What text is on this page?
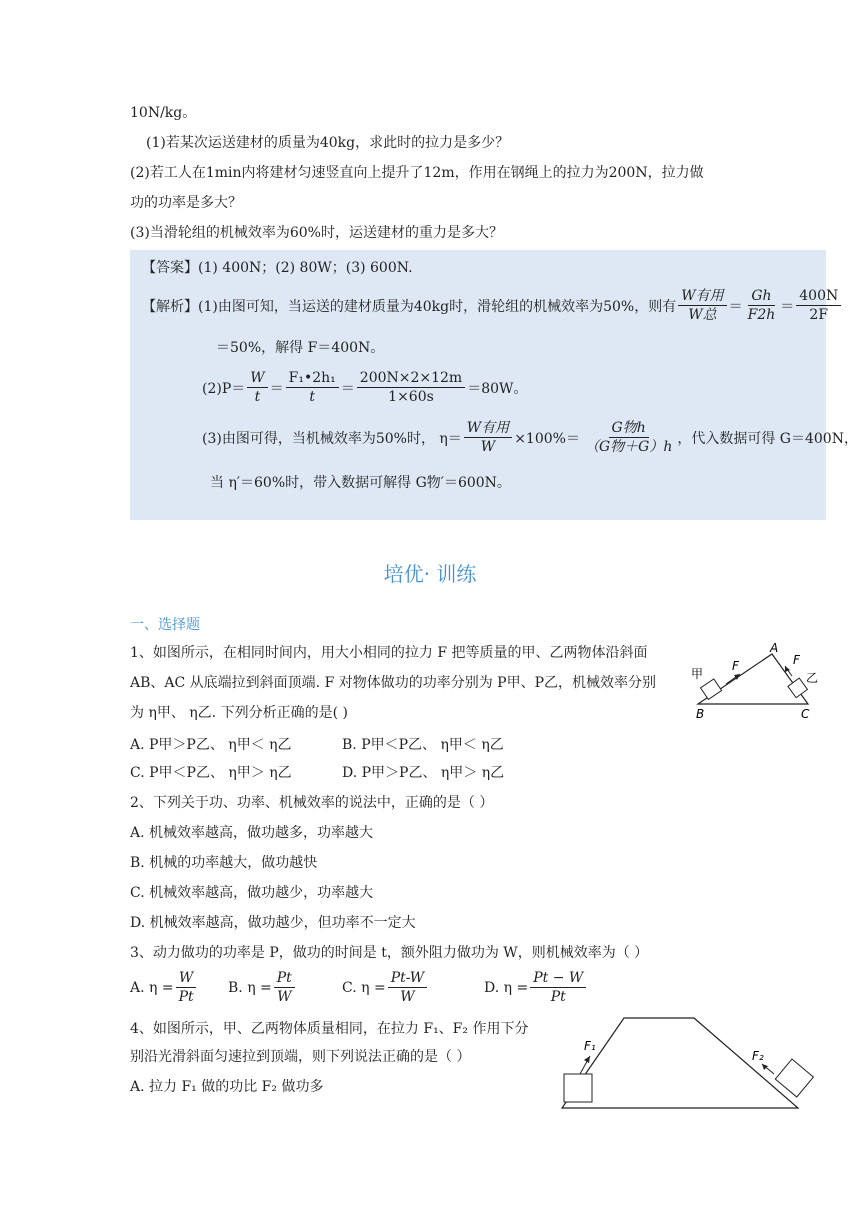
10N/kg。
(1)若某次运送建材的质量为40kg，求此时的拉力是多少？
(2)若工人在1min内将建材匀速竖直向上提升了12m，作用在钢绳上的拉力为200N，拉力做
功的功率是多大？
(3)当滑轮组的机械效率为60%时，运送建材的重力是多大？
【答案】(1) 400N；(2) 80W；(3) 600N.
【解析】(1)由图可知，当运送的建材质量为40kg时，滑轮组的机械效率为50%，则有 $\frac{\text{W有用}}{\text{W总}} = \frac{Gh}{F2h} = \frac{400N}{2F}$
＝50%，解得 F＝400N。
$(2)P= \frac{W}{t} = \frac{\text{F₁•2h₁}}{t} = \frac{200N\times 2\times 12m}{1\times 60s} =80W$。
(3)由图可得，当机械效率为50%时， $\eta= \frac{\text{W有用}}{W} \times 100\%= \frac{\text{G物h}}{\text{（G物＋G）h}}$ ，代入数据可得 G＝400N，
当 η′＝60%时，带入数据可解得 G物′＝600N。
培优· 训练
一、选择题
1、如图所示，在相同时间内，用大小相同的拉力 F 把等质量的甲、乙两物体沿斜面
AB、AC 从底端拉到斜面顶端. F 对物体做功的功率分别为 P甲、P乙，机械效率分别
为 η甲、 η乙. 下列分析正确的是( )
A. P甲＞P乙、 η甲＜ η乙	B. P甲＜P乙、 η甲＜ η乙
C. P甲＜P乙、 η甲＞ η乙	D. P甲＞P乙、 η甲＞ η乙
A
B	C
F	F
甲	乙
2、下列关于功、功率、机械效率的说法中，正确的是（ ）
A. 机械效率越高，做功越多，功率越大
B. 机械的功率越大，做功越快
C. 机械效率越高，做功越少，功率越大
D. 机械效率越高，做功越少，但功率不一定大
3、动力做功的功率是 P，做功的时间是 t，额外阻力做功为 W，则机械效率为（ ）
A. $\eta = \frac{W}{Pt} B$. $\eta = \frac{Pt}{W}$	C. $\eta = \frac{Pt-W}{W}$	D. $\eta = \frac{Pt - W}{Pt}$
4、如图所示，甲、乙两物体质量相同，在拉力 F₁、F₂ 作用下分
别沿光滑斜面匀速拉到顶端，则下列说法正确的是（ ）
A. 拉力 F₁ 做的功比 F₂ 做功多
F₁
F₂
